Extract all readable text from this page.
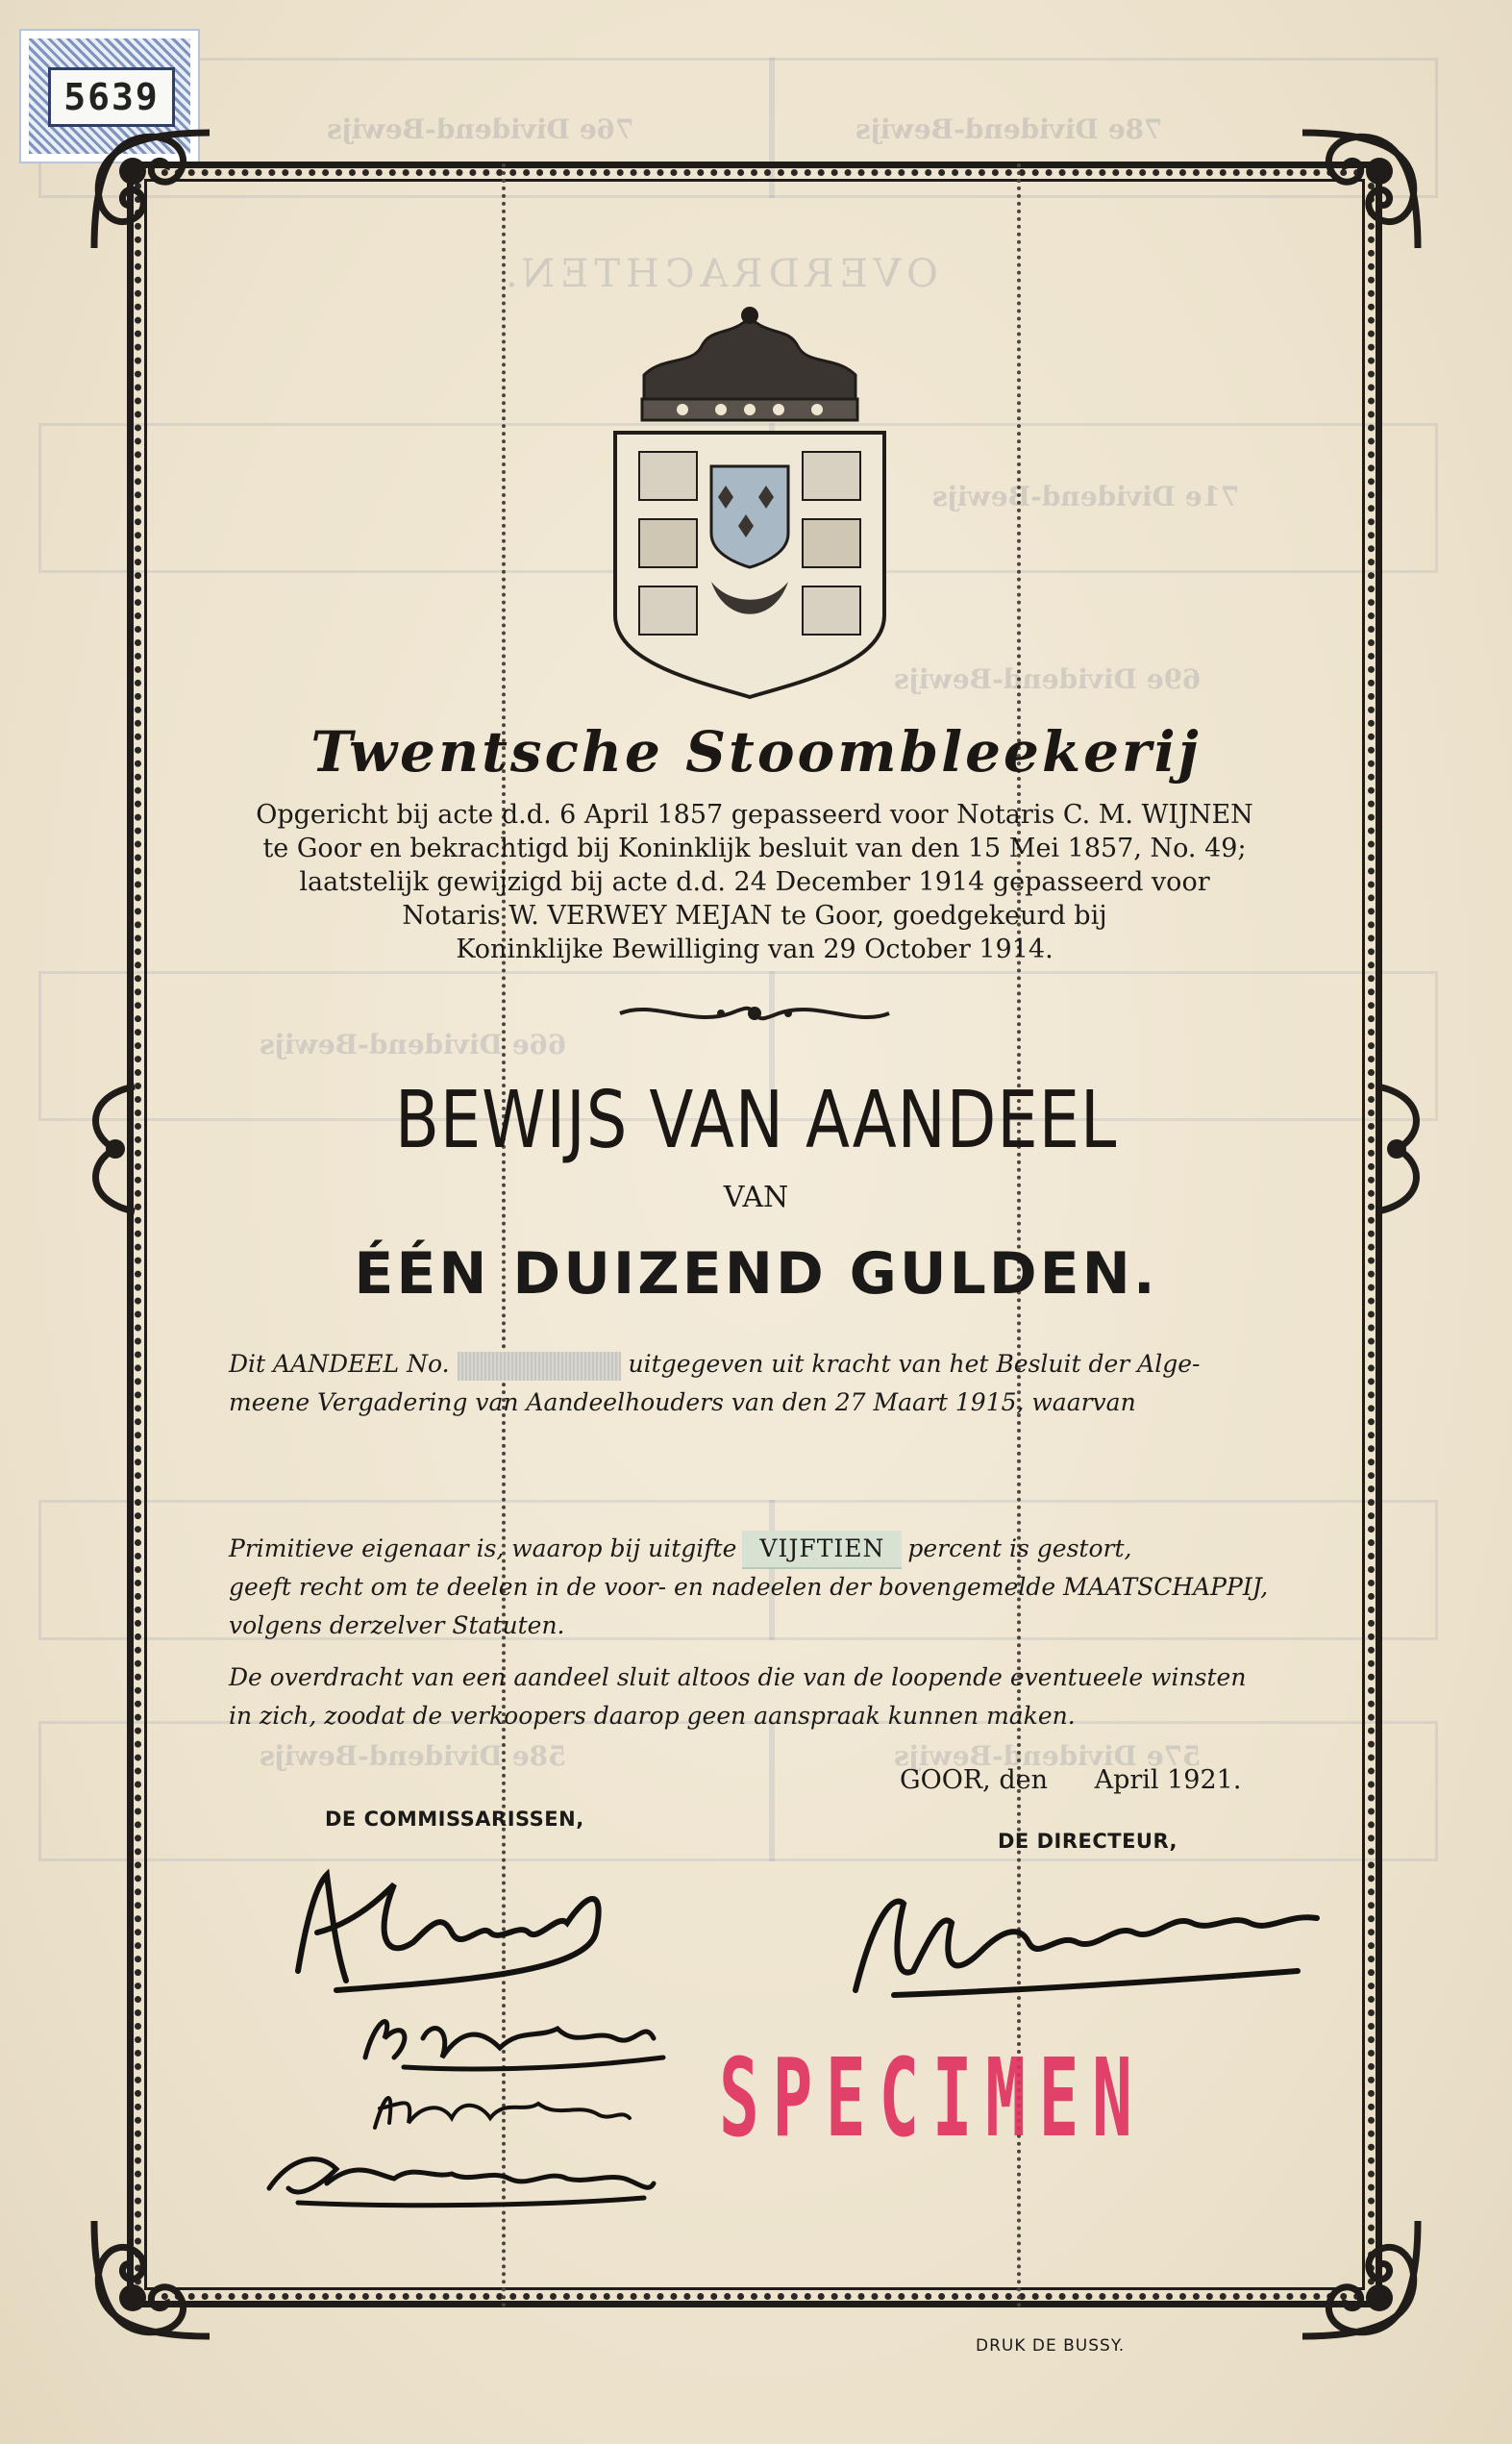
OVERDRACHTEN.
78e Dividend-Bewijs
76e Dividend-Bewijs
71e Dividend-Bewijs
69e Dividend-Bewijs
66e Dividend-Bewijs
58e Dividend-Bewijs	57e Dividend-Bewijs
5639
Twentsche Stoombleekerij
Opgericht bij acte d.d. 6 April 1857 gepasseerd voor Notaris C. M. WIJNEN
te Goor en bekrachtigd bij Koninklijk besluit van den 15 Mei 1857, No. 49;
laatstelijk gewijzigd bij acte d.d. 24 December 1914 gepasseerd voor
Notaris W. VERWEY MEJAN te Goor, goedgekeurd bij
Koninklijke Bewilliging van 29 October 1914.
BEWIJS VAN AANDEEL
VAN
ÉÉN DUIZEND GULDEN.
Dit AANDEEL No.	uitgegeven uit kracht van het Besluit der Alge-
meene Vergadering van Aandeelhouders van den 27 Maart 1915, waarvan
Primitieve eigenaar is, waarop bij uitgifte VIJFTIEN percent is gestort,
geeft recht om te deelen in de voor- en nadeelen der bovengemelde MAATSCHAPPIJ,
volgens derzelver Statuten.
De overdracht van een aandeel sluit altoos die van de loopende eventueele winsten
in zich, zoodat de verkoopers daarop geen aanspraak kunnen maken.
GOOR, den April 1921.
DE COMMISSARISSEN,
DE DIRECTEUR,
SPECIMEN
DRUK DE BUSSY.
